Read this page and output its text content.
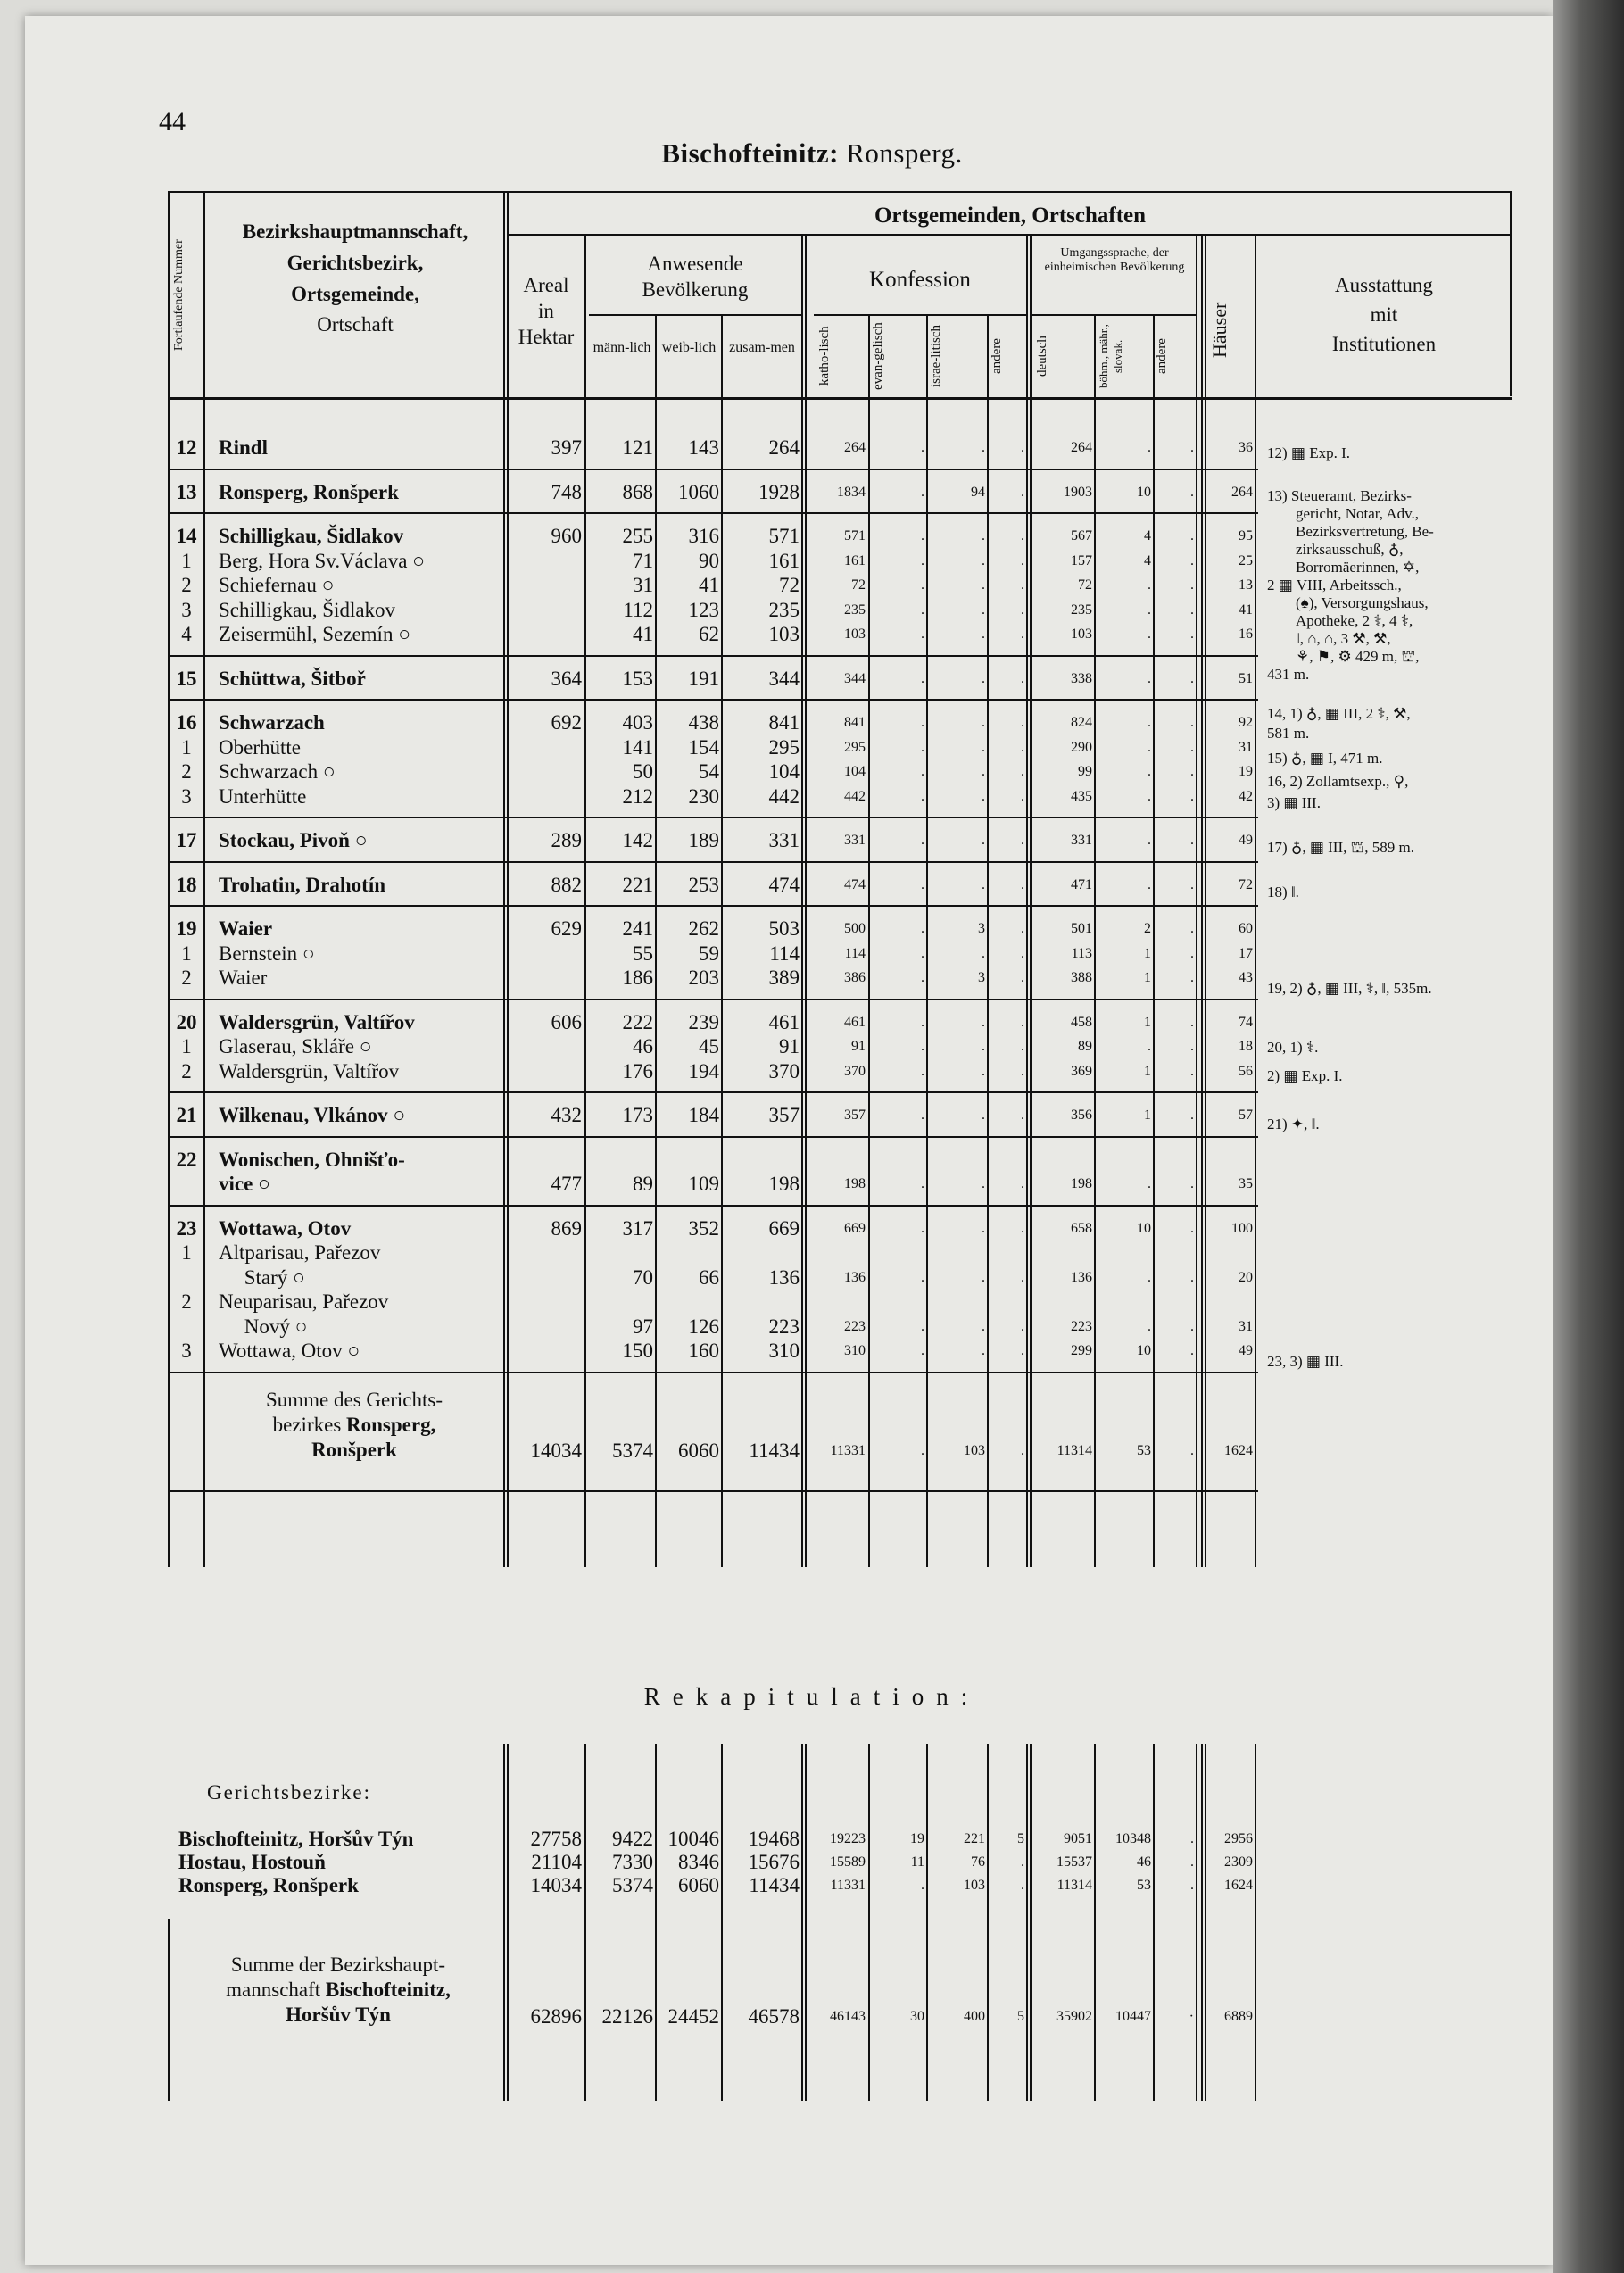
44
Bischofteinitz: Ronsperg.
Fortlaufende Nummer
Bezirkshauptmannschaft,
Gerichtsbezirk,
Ortsgemeinde,
Ortschaft
Ortsgemeinden, Ortschaften
Areal
in
Hektar
Anwesende
Bevölkerung
männ-lich weib-lich zusam-men
Konfession
katho-lisch	evan-gelisch	israe-litisch	andere
Umgangssprache, der einheimischen Bevölkerung
deutsch	böhm., mähr., slovak.	andere	Häuser
Ausstattung
mit
Institutionen
12 Rindl	397	121	143	264	264	.	.	.	264	.	.	36
13 Ronsperg, Ronšperk	748	868	1060	1928	1834	.	94	.	1903	10	.	264
14 Schilligkau, Šidlakov	960	255	316	571	571	.	.	.	567	4	.	95
1	Berg, Hora Sv.Václava ○	71	90	161	161	.	.	.	157	4	.	25
2	Schiefernau ○	31	41	72	72	.	.	.	72	.	.	13
3	Schilligkau, Šidlakov	112	123	235	235	.	.	.	235	.	.	41
4	Zeisermühl, Sezemín ○	41	62	103	103	.	.	.	103	.	.	16
15 Schüttwa, Šitboř	364	153	191	344	344	.	.	.	338	.	.	51
16 Schwarzach	692	403	438	841	841	.	.	.	824	.	.	92
1	Oberhütte	141	154	295	295	.	.	.	290	.	.	31
2	Schwarzach ○	50	54	104	104	.	.	.	99	.	.	19
3	Unterhütte	212	230	442	442	.	.	.	435	.	.	42
17 Stockau, Pivoň ○	289	142	189	331	331	.	.	.	331	.	.	49
18 Trohatin, Drahotín	882	221	253	474	474	.	.	.	471	.	.	72
19 Waier	629	241	262	503	500	.	3	.	501	2	.	60
1	Bernstein ○	55	59	114	114	.	.	.	113	1	.	17
2	Waier	186	203	389	386	.	3	.	388	1	.	43
20 Waldersgrün, Valtířov	606	222	239	461	461	.	.	.	458	1	.	74
1	Glaserau, Skláře ○	46	45	91	91	.	.	.	89	.	.	18
2	Waldersgrün, Valtířov	176	194	370	370	.	.	.	369	1	.	56
21 Wilkenau, Vlkánov ○	432	173	184	357	357	.	.	.	356	1	.	57
22 Wonischen, Ohnišťo-
vice ○	477	89	109	198	198	.	.	.	198	.	.	35
23 Wottawa, Otov	869	317	352	669	669	.	.	.	658	10	.	100
1	Altparisau, Pařezov
Starý ○	70	66	136	136	.	.	.	136	.	.	20
2	Neuparisau, Pařezov
Nový ○	97	126	223	223	.	.	.	223	.	.	31
3	Wottawa, Otov ○	150	160	310	310	.	.	.	299	10	.	49
Summe des Gerichts-
bezirkes Ronsperg,
Ronšperk	14034	5374	6060	11434	11331	.	103	.	11314	53	.	1624
12) ▦ Exp. I.
13) Steueramt, Bezirks-
gericht, Notar, Adv.,
Bezirksvertretung, Be-
zirksausschuß, ♁,
Borromäerinnen, ✡,
2 ▦ VIII, Arbeitssch.,
(♠), Versorgungshaus,
Apotheke, 2 ⚕, 4 ⚕,
‖, ⌂, ⌂, 3 ⚒, ⚒,
⚘, ⚑, ⚙ 429 m, ⛫,
431 m.
14, 1) ♁, ▦ III, 2 ⚕, ⚒,
581 m.
15) ♁, ▦ I, 471 m.
16, 2) Zollamtsexp., ⚲,
3) ▦ III.
17) ♁, ▦ III, ⛫, 589 m.
18) ‖.
19, 2) ♁, ▦ III, ⚕, ‖, 535m.
20, 1) ⚕.
2) ▦ Exp. I.
21) ✦, ‖.
23, 3) ▦ III.
Rekapitulation:
Gerichtsbezirke:
Bischofteinitz, Horšův Týn	27758	9422 10046	19468	19223	19	221	5	9051	10348	.	2956
Hostau, Hostouň	21104	7330	8346	15676	15589	11	76	.	15537	46	.	2309
Ronsperg, Ronšperk	14034	5374	6060	11434	11331	.	103	.	11314	53	.	1624
Summe der Bezirkshaupt-
mannschaft Bischofteinitz,
Horšův Týn	62896 22126 24452	46578	46143	30	400	5	35902	10447	·	6889
